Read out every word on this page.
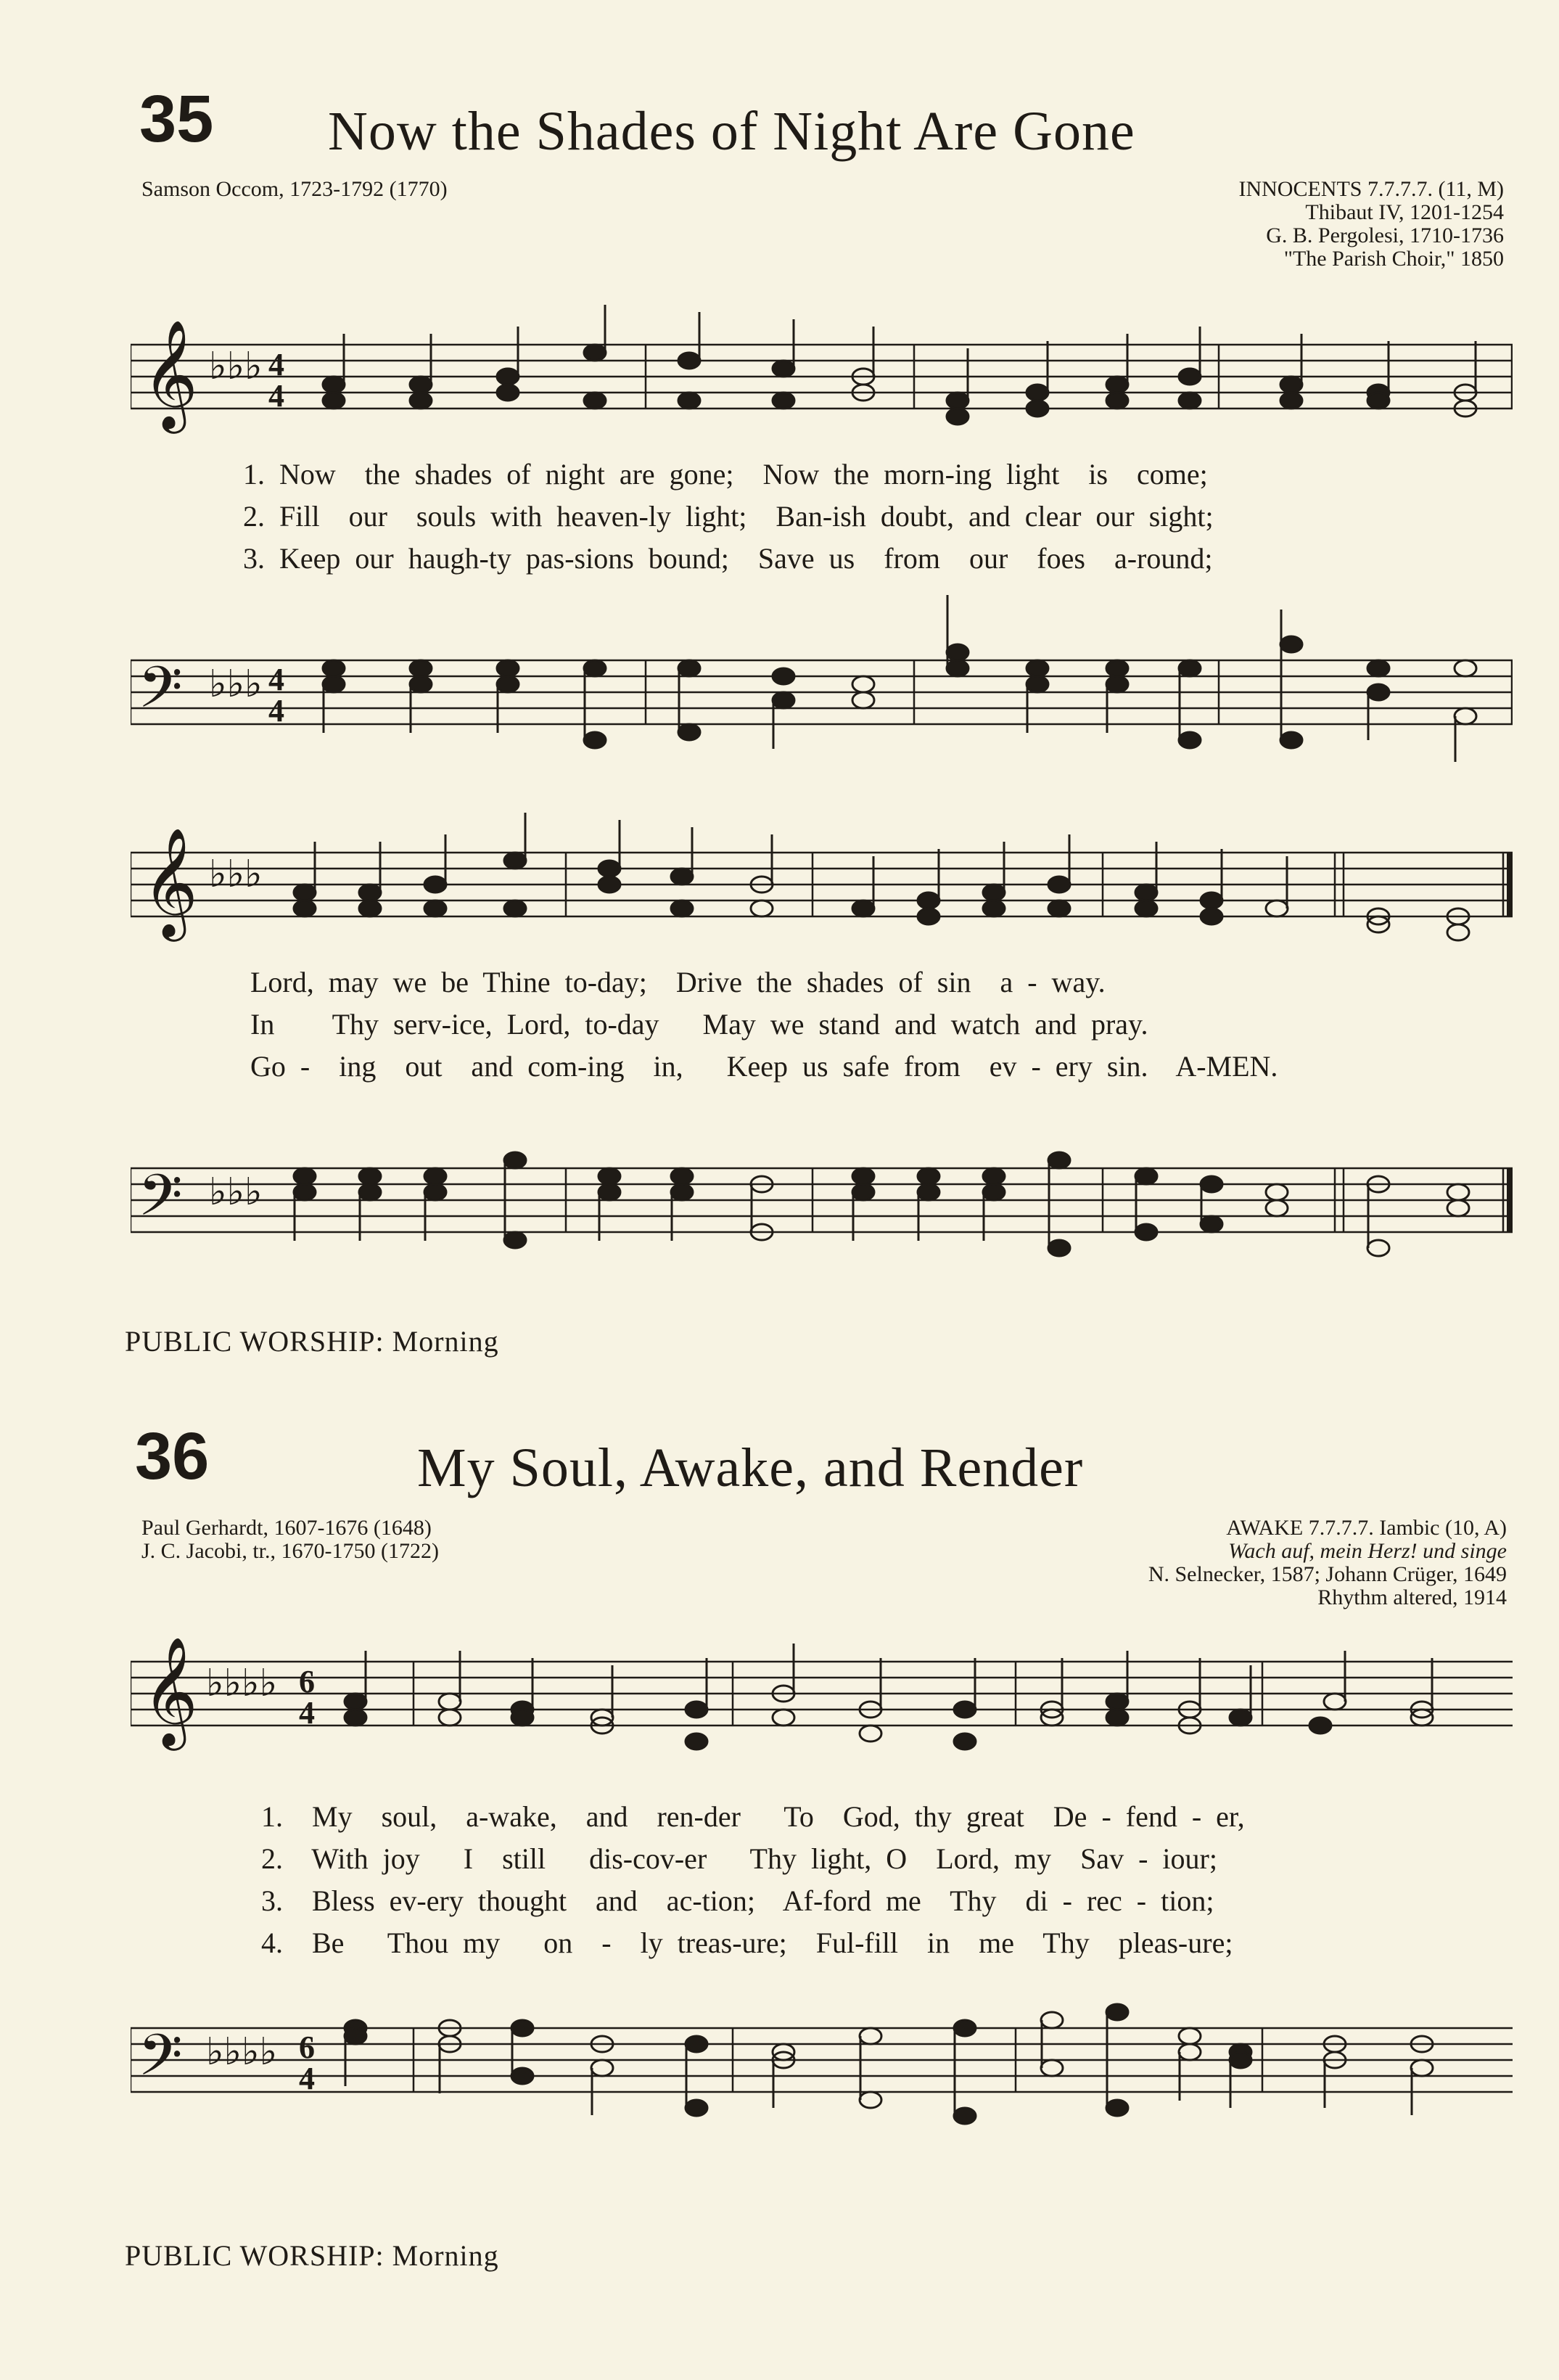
35 Now the Shades of Night Are Gone
Samson Occom, 1723-1792 (1770)	INNOCENTS 7.7.7.7. (11, M)
Thibaut IV, 1201-1254
G. B. Pergolesi, 1710-1736
"The Parish Choir," 1850
𝄞 ♭♭♭ 4
4
1. Now  the shades of night are gone;  Now the morn-ing light  is  come;
2. Fill  our  souls with heaven-ly light;  Ban-ish doubt, and clear our sight;
3. Keep our haugh-ty pas-sions bound;  Save us  from  our  foes  a-round;
𝄢 ♭♭♭ 4
4
𝄞 ♭♭♭
Lord, may we be Thine to-day;  Drive the shades of sin  a - way.
In    Thy serv-ice, Lord, to-day   May we stand and watch and pray.
Go -  ing  out  and com-ing  in,   Keep us safe from  ev - ery sin.  A-MEN.
𝄢 ♭♭♭
PUBLIC WORSHIP: Morning
36	My Soul, Awake, and Render
Paul Gerhardt, 1607-1676 (1648)
J. C. Jacobi, tr., 1670-1750 (1722)
AWAKE 7.7.7.7. Iambic (10, A)
Wach auf, mein Herz! und singe
N. Selnecker, 1587; Johann Crüger, 1649
Rhythm altered, 1914
𝄞 ♭♭♭♭ 6
4
1.  My  soul,  a-wake,  and  ren-der   To  God, thy great  De - fend - er,
2.  With joy   I  still   dis-cov-er   Thy light, O  Lord, my  Sav - iour;
3.  Bless ev-ery thought  and  ac-tion;  Af-ford me  Thy  di - rec - tion;
4.  Be   Thou my   on  -  ly treas-ure;  Ful-fill  in  me  Thy  pleas-ure;
𝄢 ♭♭♭♭ 6
4
PUBLIC WORSHIP: Morning
